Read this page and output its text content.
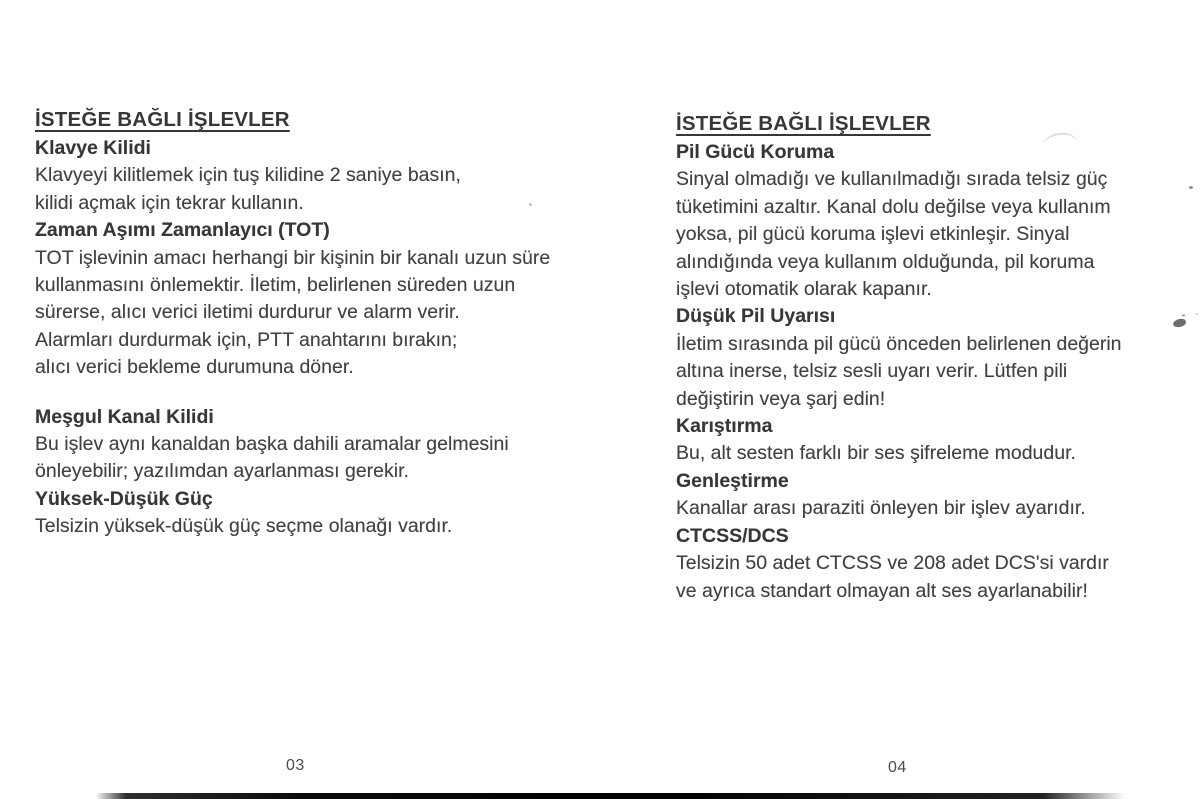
İSTEĞE BAĞLI İŞLEVLER
Klavye Kilidi
Klavyeyi kilitlemek için tuş kilidine 2 saniye basın,
kilidi açmak için tekrar kullanın.
Zaman Aşımı Zamanlayıcı (TOT)
TOT işlevinin amacı herhangi bir kişinin bir kanalı uzun süre
kullanmasını önlemektir. İletim, belirlenen süreden uzun
sürerse, alıcı verici iletimi durdurur ve alarm verir.
Alarmları durdurmak için, PTT anahtarını bırakın;
alıcı verici bekleme durumuna döner.
Meşgul Kanal Kilidi
Bu işlev aynı kanaldan başka dahili aramalar gelmesini
önleyebilir; yazılımdan ayarlanması gerekir.
Yüksek-Düşük Güç
Telsizin yüksek-düşük güç seçme olanağı vardır.
İSTEĞE BAĞLI İŞLEVLER
Pil Gücü Koruma
Sinyal olmadığı ve kullanılmadığı sırada telsiz güç
tüketimini azaltır. Kanal dolu değilse veya kullanım
yoksa, pil gücü koruma işlevi etkinleşir. Sinyal
alındığında veya kullanım olduğunda, pil koruma
işlevi otomatik olarak kapanır.
Düşük Pil Uyarısı
İletim sırasında pil gücü önceden belirlenen değerin
altına inerse, telsiz sesli uyarı verir. Lütfen pili
değiştirin veya şarj edin!
Karıştırma
Bu, alt sesten farklı bir ses şifreleme modudur.
Genleştirme
Kanallar arası paraziti önleyen bir işlev ayarıdır.
CTCSS/DCS
Telsizin 50 adet CTCSS ve 208 adet DCS'si vardır
ve ayrıca standart olmayan alt ses ayarlanabilir!
03	04
